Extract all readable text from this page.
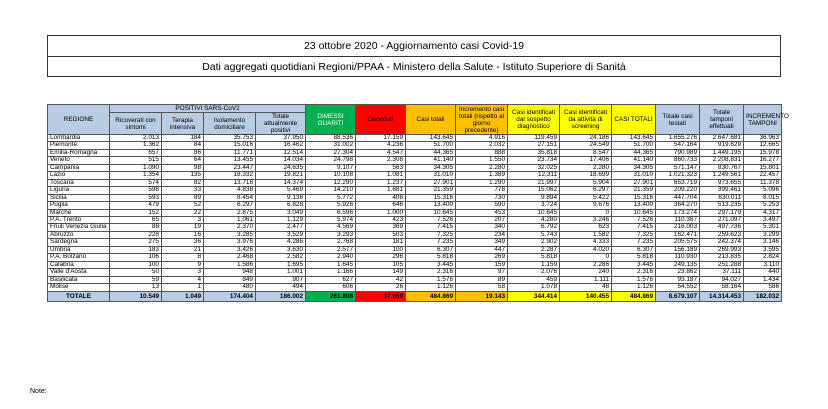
23 ottobre 2020 - Aggiornamento casi Covid-19
Dati aggregati quotidiani Regioni/PPAA - Ministero della Salute - Istituto Superiore di Sanità
REGIONE	POSITIVI SARS-CoV2				DIMESSI GUARITI	Deceduti	Casi totali	Incremento casi totali (rispetto al giorno precedente)	Casi identificati dal sospetto diagnostico	Casi identificati da attività di screening	CASI TOTALI	Totale casi testati	Totale tamponi effettuati	INCREMENTO TAMPONI
	Ricoverati con sintomi	Terapia intensiva	Isolamento domiciliare	Totale attualmente positivi										
Lombardia	2.013	184	35.753	37.950	88.536	17.159	143.645	4.916	119.459	24.186	143.645	1.655.276	2.647.681	36.963
Piemonte	1.362	84	15.016	16.462	31.002	4.236	51.700	2.032	27.151	24.549	51.700	547.164	919.629	12.665
Emilia-Romagna	657	86	11.771	12.514	27.304	4.547	44.365	888	35.818	8.547	44.365	790.989	1.449.195	15.978
Veneto	515	64	13.455	14.034	24.798	2.308	41.140	1.550	23.734	17.406	41.140	860.733	2.208.831	16.277
Campania	1.090	98	23.447	24.635	9.107	563	34.305	2.280	32.025	2.280	34.305	571.147	830.767	15.801
Lazio	1.354	135	18.332	19.821	10.108	1.081	31.010	1.389	12.311	18.699	31.010	1.021.323	1.249.561	22.457
Toscana	574	82	13.718	14.374	12.290	1.237	27.901	1.290	21.997	5.904	27.901	653.719	973.655	11.378
Liguria	598	33	4.838	5.469	14.210	1.681	21.359	778	15.062	6.297	21.359	209.220	399.461	5.096
Sicilia	593	89	8.454	9.136	5.772	408	15.316	730	9.894	5.422	15.316	447.704	630.011	8.015
Puglia	479	52	6.297	6.828	5.926	646	13.400	590	3.724	9.676	13.400	364.270	513.235	5.253
Marche	152	22	2.875	3.049	6.596	1.000	10.645	453	10.645	0	10.645	173.274	297.179	4.317
P.A. Trento	65	3	1.061	1.129	5.974	423	7.526	207	4.280	3.246	7.526	110.387	271.097	3.497
Friuli Venezia Giulia	88	19	2.370	2.477	4.569	369	7.415	340	6.792	623	7.415	216.003	497.736	5.301
Abruzzo	228	16	3.285	3.529	3.293	503	7.325	234	5.743	1.582	7.325	162.471	259.623	3.299
Sardegna	275	36	3.976	4.286	2.768	181	7.235	349	2.902	4.333	7.235	205.575	242.374	3.146
Umbria	183	21	3.426	3.630	2.577	100	6.307	447	2.287	4.020	6.307	156.189	269.993	3.595
P.A. Bolzano	106	8	2.468	2.582	2.940	296	5.818	269	5.818	0	5.818	110.930	213.835	2.824
Calabria	100	9	1.586	1.695	1.645	105	3.445	159	1.159	2.286	3.445	249.135	251.288	3.110
Valle d'Aosta	50	3	948	1.001	1.166	149	2.316	97	2.076	240	2.316	23.862	37.111	440
Basilicata	59	4	849	907	627	42	1.576	89	459	1.111	1.576	93.187	94.027	1.434
Molise	13	1	480	494	606	26	1.126	58	1.078	48	1.126	54.552	58.164	586
TOTALE	10.549	1.049	174.404	186.002	261.808	37.059	484.869	19.143	344.414	140.455	484.869	8.679.107	14.314.453	182.032
Note:
